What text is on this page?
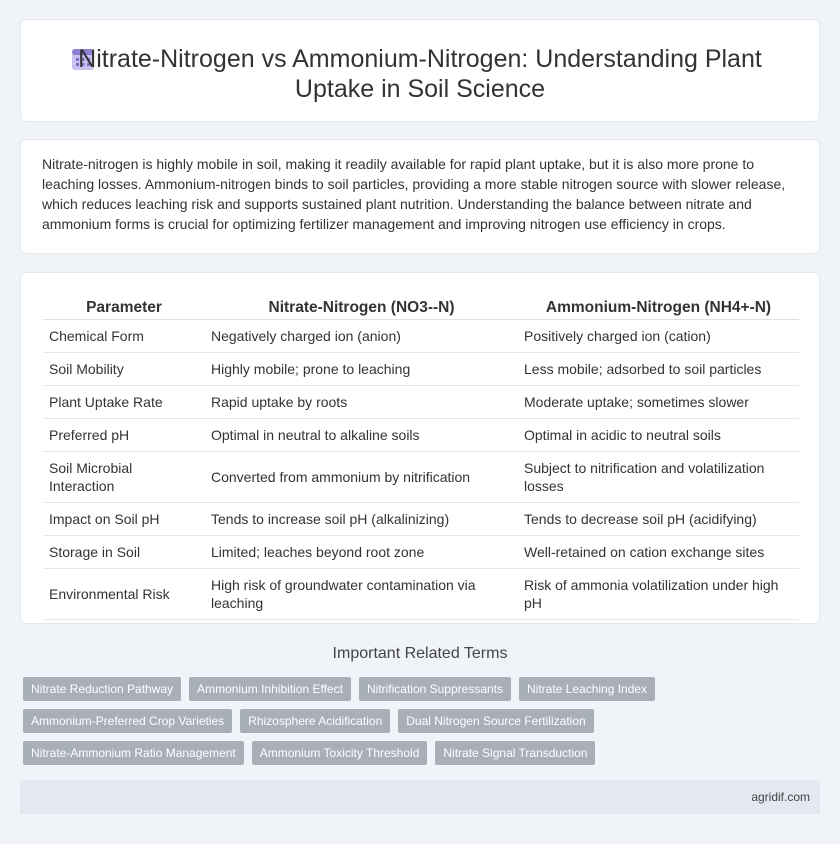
Nitrate-Nitrogen vs Ammonium-Nitrogen: Understanding Plant Uptake in Soil Science

Nitrate-nitrogen is highly mobile in soil, making it readily available for rapid plant uptake, but it is also more prone to leaching losses. Ammonium-nitrogen binds to soil particles, providing a more stable nitrogen source with slower release, which reduces leaching risk and supports sustained plant nutrition. Understanding the balance between nitrate and ammonium forms is crucial for optimizing fertilizer management and improving nitrogen use efficiency in crops.

Parameter	Nitrate-Nitrogen (NO3--N)	Ammonium-Nitrogen (NH4+-N)
Chemical Form	Negatively charged ion (anion)	Positively charged ion (cation)
Soil Mobility	Highly mobile; prone to leaching	Less mobile; adsorbed to soil particles
Plant Uptake Rate	Rapid uptake by roots	Moderate uptake; sometimes slower
Preferred pH	Optimal in neutral to alkaline soils	Optimal in acidic to neutral soils
Soil Microbial Interaction	Converted from ammonium by nitrification	Subject to nitrification and volatilization losses
Impact on Soil pH	Tends to increase soil pH (alkalinizing)	Tends to decrease soil pH (acidifying)
Storage in Soil	Limited; leaches beyond root zone	Well-retained on cation exchange sites
Environmental Risk	High risk of groundwater contamination via leaching	Risk of ammonia volatilization under high pH
Important Related Terms
Nitrate Reduction Pathway	Ammonium Inhibition Effect	Nitrification Suppressants	Nitrate Leaching Index
Ammonium-Preferred Crop Varieties	Rhizosphere Acidification	Dual Nitrogen Source Fertilization
Nitrate-Ammonium Ratio Management	Ammonium Toxicity Threshold	Nitrate Signal Transduction
agridif.com
